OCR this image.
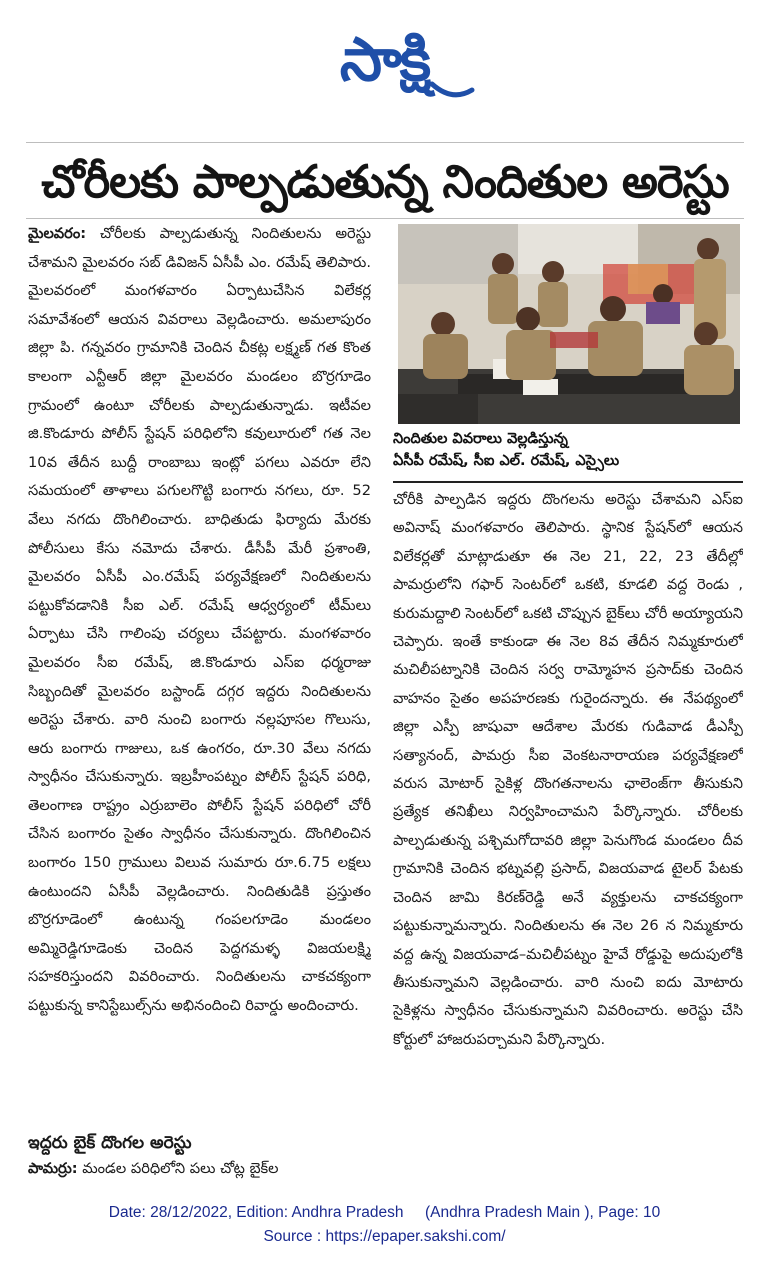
సాక్షి
చోరీలకు పాల్పడుతున్న నిందితుల అరెస్టు

మైలవరం: చోరీలకు పాల్పడుతున్న నిందితులను అరెస్టు చేశామని మైలవరం సబ్ డివిజన్ ఏసీపీ ఎం. రమేష్ తెలిపారు. మైలవరంలో మంగళవారం ఏర్పాటుచేసిన విలేకర్ల సమావేశంలో ఆయన వివరాలు వెల్లడించారు. అమలాపురం జిల్లా పి. గన్నవరం గ్రామానికి చెందిన చీకట్ల లక్ష్మణ్ గత కొంత కాలంగా ఎన్టీఆర్ జిల్లా మైలవరం మండలం బొర్రగూడెం గ్రామంలో ఉంటూ చోరీలకు పాల్పడుతున్నాడు. ఇటీవల జి.కొండూరు పోలీస్ స్టేషన్ పరిధిలోని కవులూరులో గత నెల 10వ తేదీన బుద్దీ రాంబాబు ఇంట్లో పగలు ఎవరూ లేని సమయంలో తాళాలు పగులగొట్టి బంగారు నగలు, రూ. 52 వేలు నగదు దొంగిలించారు. బాధితుడు ఫిర్యాదు మేరకు పోలీసులు కేసు నమోదు చేశారు. డీసీపీ మేరీ ప్రశాంతి, మైలవరం ఏసీపీ ఎం.రమేష్ పర్యవేక్షణలో నిందితులను పట్టుకోవడానికి సీఐ ఎల్. రమేష్ ఆధ్వర్యంలో టీమ్‌లు ఏర్పాటు చేసి గాలింపు చర్యలు చేపట్టారు. మంగళవారం మైలవరం సీఐ రమేష్, జి.కొండూరు ఎస్ఐ ధర్మరాజు సిబ్బందితో మైలవరం బస్టాండ్ దగ్గర ఇద్దరు నిందితులను అరెస్టు చేశారు. వారి నుంచి బంగారు నల్లపూసల గొలుసు, ఆరు బంగారు గాజులు, ఒక ఉంగరం, రూ.30 వేలు నగదు స్వాధీనం చేసుకున్నారు. ఇబ్రహీంపట్నం పోలీస్ స్టేషన్ పరిధి, తెలంగాణ రాష్ట్రం ఎర్రుబాలెం పోలీస్ స్టేషన్ పరిధిలో చోరీ చేసిన బంగారం సైతం స్వాధీనం చేసుకున్నారు. దొంగిలించిన బంగారం 150 గ్రాములు విలువ సుమారు రూ.6.75 లక్షలు ఉంటుందని ఏసీపీ వెల్లడించారు. నిందితుడికి ప్రస్తుతం బొర్రగూడెంలో ఉంటున్న గంపలగూడెం మండలం అమ్మిరెడ్డిగూడెంకు చెందిన పెద్దగమళ్ళ విజయలక్ష్మి సహకరిస్తుందని వివరించారు. నిందితులను చాకచక్యంగా పట్టుకున్న కానిస్టేబుల్స్‌ను అభినందించి రివార్డు అందించారు.

ఇద్దరు బైక్ దొంగల అరెస్టు
పామర్రు: మండల పరిధిలోని పలు చోట్ల బైక్‌ల
నిందితుల వివరాలు వెల్లడిస్తున్న
ఏసీపీ రమేష్, సీఐ ఎల్. రమేష్, ఎస్సైలు

చోరీకి పాల్పడిన ఇద్దరు దొంగలను అరెస్టు చేశామని ఎస్ఐ అవినాష్ మంగళవారం తెలిపారు. స్థానిక స్టేషన్‌లో ఆయన విలేకర్లతో మాట్లాడుతూ ఈ నెల 21, 22, 23 తేదీల్లో పామర్రులోని గఫార్ సెంటర్‌లో ఒకటి, కూడలి వద్ద రెండు , కురుమద్దాలి సెంటర్‌లో ఒకటి చొప్పున బైక్‌లు చోరీ అయ్యాయని చెప్పారు. ఇంతే కాకుండా ఈ నెల 8వ తేదీన నిమ్మకూరులో మచిలీపట్నానికి చెందిన సర్వ రామ్మోహన ప్రసాద్‌కు చెందిన వాహనం సైతం అపహరణకు గురైందన్నారు. ఈ నేపథ్యంలో జిల్లా ఎస్పీ జాషువా ఆదేశాల మేరకు గుడివాడ డీఎస్పీ సత్యానంద్, పామర్రు సీఐ వెంకటనారాయణ పర్యవేక్షణలో వరుస మోటార్ సైకిళ్ల దొంగతనాలను ఛాలెంజ్‌గా తీసుకుని ప్రత్యేక తనిఖీలు నిర్వహించామని పేర్కొన్నారు. చోరీలకు పాల్పడుతున్న పశ్చిమగోదావరి జిల్లా పెనుగొండ మండలం దీవ గ్రామానికి చెందిన భట్నవల్లి ప్రసాద్, విజయవాడ టైలర్ పేటకు చెందిన జామి కిరణ్‌రెడ్డి అనే వ్యక్తులను చాకచక్యంగా పట్టుకున్నామన్నారు. నిందితులను ఈ నెల 26 న నిమ్మకూరు వద్ద ఉన్న విజయవాడ–మచిలీపట్నం హైవే రోడ్డుపై అదుపులోకి తీసుకున్నామని వెల్లడించారు. వారి నుంచి ఐదు మోటారు సైకిళ్లను స్వాధీనం చేసుకున్నామని వివరించారు. అరెస్టు చేసి కోర్టులో హాజరుపర్చామని పేర్కొన్నారు.

Date: 28/12/2022, Edition: Andhra Pradesh     (Andhra Pradesh Main ), Page: 10
Source : https://epaper.sakshi.com/
